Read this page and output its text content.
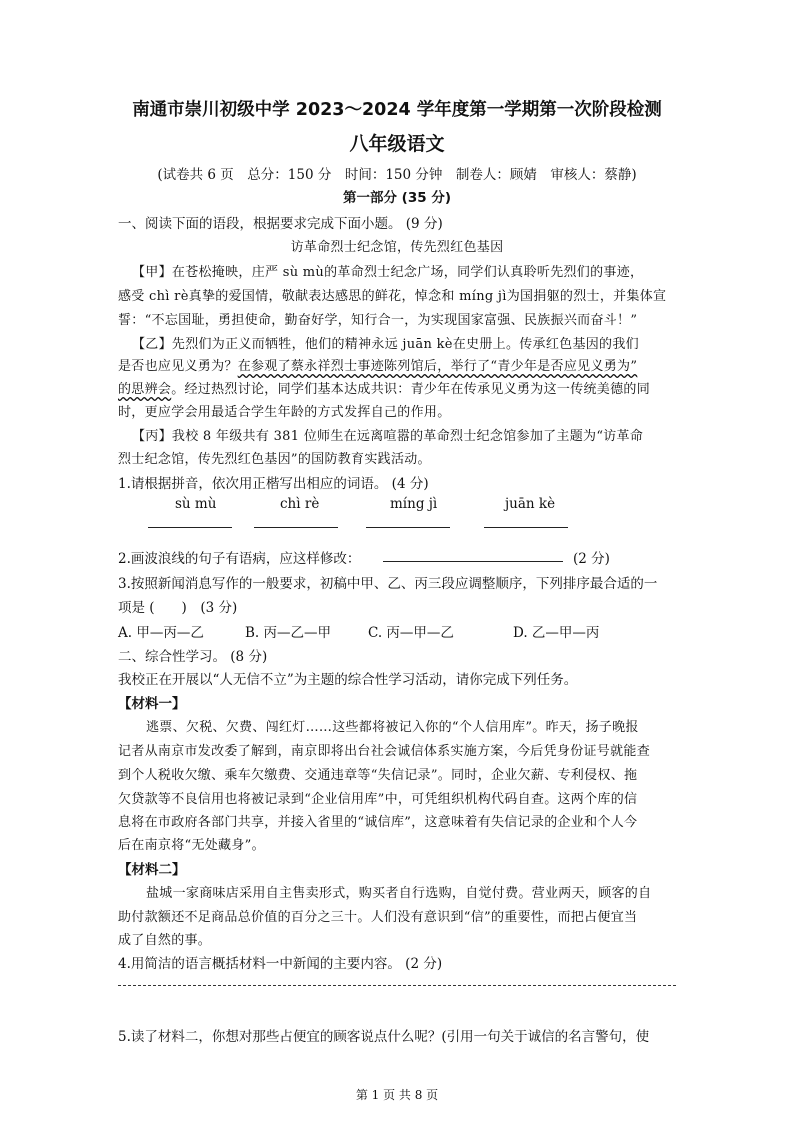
南通市崇川初级中学 2023～2024 学年度第一学期第一次阶段检测
八年级语文
(试卷共 6 页　总分：150 分　时间：150 分钟　制卷人：顾婧　审核人：蔡静)
第一部分 (35 分)
一、阅读下面的语段，根据要求完成下面小题。 (9 分)
访革命烈士纪念馆，传先烈红色基因
【甲】在苍松掩映，庄严 sù mù的革命烈士纪念广场，同学们认真聆听先烈们的事迹，
感受 chì rè真挚的爱国情，敬献表达感思的鲜花，悼念和 míng jì为国捐躯的烈士，并集体宣
誓：“不忘国耻，勇担使命，勤奋好学，知行合一，为实现国家富强、民族振兴而奋斗！”
【乙】先烈们为正义而牺牲，他们的精神永远 juān kè在史册上。传承红色基因的我们
是否也应见义勇为？在参观了蔡永祥烈士事迹陈列馆后，举行了“青少年是否应见义勇为”
的思辨会。经过热烈讨论，同学们基本达成共识：青少年在传承见义勇为这一传统美德的同
时，更应学会用最适合学生年龄的方式发挥自己的作用。
【丙】我校 8 年级共有 381 位师生在远离喧嚣的革命烈士纪念馆参加了主题为“访革命
烈士纪念馆，传先烈红色基因”的国防教育实践活动。
1.请根据拼音，依次用正楷写出相应的词语。 (4 分)
sù mù	chì rè	míng jì	juān kè
2.画波浪线的句子有语病，应这样修改：	(2 分)
3.按照新闻消息写作的一般要求，初稿中甲、乙、丙三段应调整顺序，下列排序最合适的一
项是 (　　)　(3 分)
A. 甲—丙—乙	B. 丙—乙—甲	C. 丙—甲—乙	D. 乙—甲—丙
二、综合性学习。 (8 分)
我校正在开展以“人无信不立”为主题的综合性学习活动，请你完成下列任务。
【材料一】
逃票、欠税、欠费、闯红灯……这些都将被记入你的“个人信用库”。昨天，扬子晚报
记者从南京市发改委了解到，南京即将出台社会诚信体系实施方案，今后凭身份证号就能查
到个人税收欠缴、乘车欠缴费、交通违章等“失信记录”。同时，企业欠薪、专利侵权、拖
欠贷款等不良信用也将被记录到“企业信用库”中，可凭组织机构代码自查。这两个库的信
息将在市政府各部门共享，并接入省里的“诚信库”，这意味着有失信记录的企业和个人今
后在南京将“无处藏身”。
【材料二】
盐城一家商味店采用自主售卖形式，购买者自行选购，自觉付费。营业两天，顾客的自
助付款额还不足商品总价值的百分之三十。人们没有意识到“信”的重要性，而把占便宜当
成了自然的事。
4.用简洁的语言概括材料一中新闻的主要内容。 (2 分)
5.读了材料二，你想对那些占便宜的顾客说点什么呢？(引用一句关于诚信的名言警句，使
第 1 页 共 8 页
